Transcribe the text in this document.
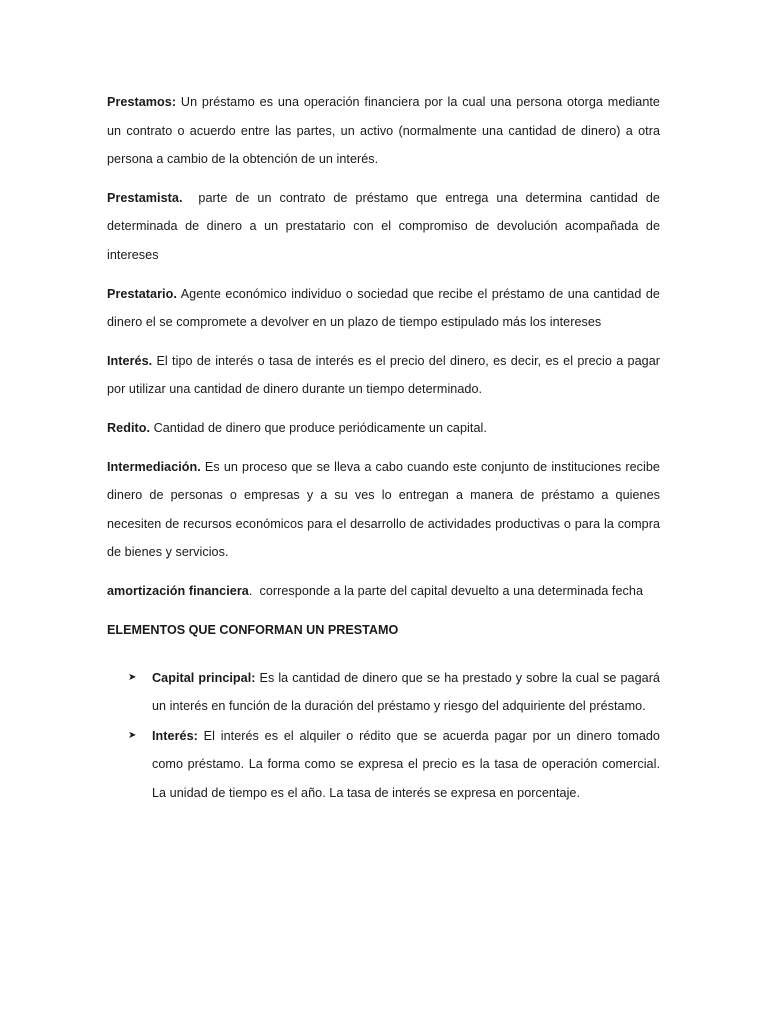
Prestamos: Un préstamo es una operación financiera por la cual una persona otorga mediante un contrato o acuerdo entre las partes, un activo (normalmente una cantidad de dinero) a otra persona a cambio de la obtención de un interés.

Prestamista.  parte de un contrato de préstamo que entrega una determina cantidad de determinada de dinero a un prestatario con el compromiso de devolución acompañada de intereses

Prestatario. Agente económico individuo o sociedad que recibe el préstamo de una cantidad de dinero el se compromete a devolver en un plazo de tiempo estipulado más los intereses

Interés. El tipo de interés o tasa de interés es el precio del dinero, es decir, es el precio a pagar por utilizar una cantidad de dinero durante un tiempo determinado.

Redito. Cantidad de dinero que produce periódicamente un capital.

Intermediación. Es un proceso que se lleva a cabo cuando este conjunto de instituciones recibe dinero de personas o empresas y a su ves lo entregan a manera de préstamo a quienes necesiten de recursos económicos para el desarrollo de actividades productivas o para la compra de bienes y servicios.

amortización financiera.  corresponde a la parte del capital devuelto a una determinada fecha

ELEMENTOS QUE CONFORMAN UN PRESTAMO
➤ Capital principal: Es la cantidad de dinero que se ha prestado y sobre la cual se pagará un interés en función de la duración del préstamo y riesgo del adquiriente del préstamo.
➤ Interés: El interés es el alquiler o rédito que se acuerda pagar por un dinero tomado como préstamo. La forma como se expresa el precio es la tasa de operación comercial. La unidad de tiempo es el año. La tasa de interés se expresa en porcentaje.
